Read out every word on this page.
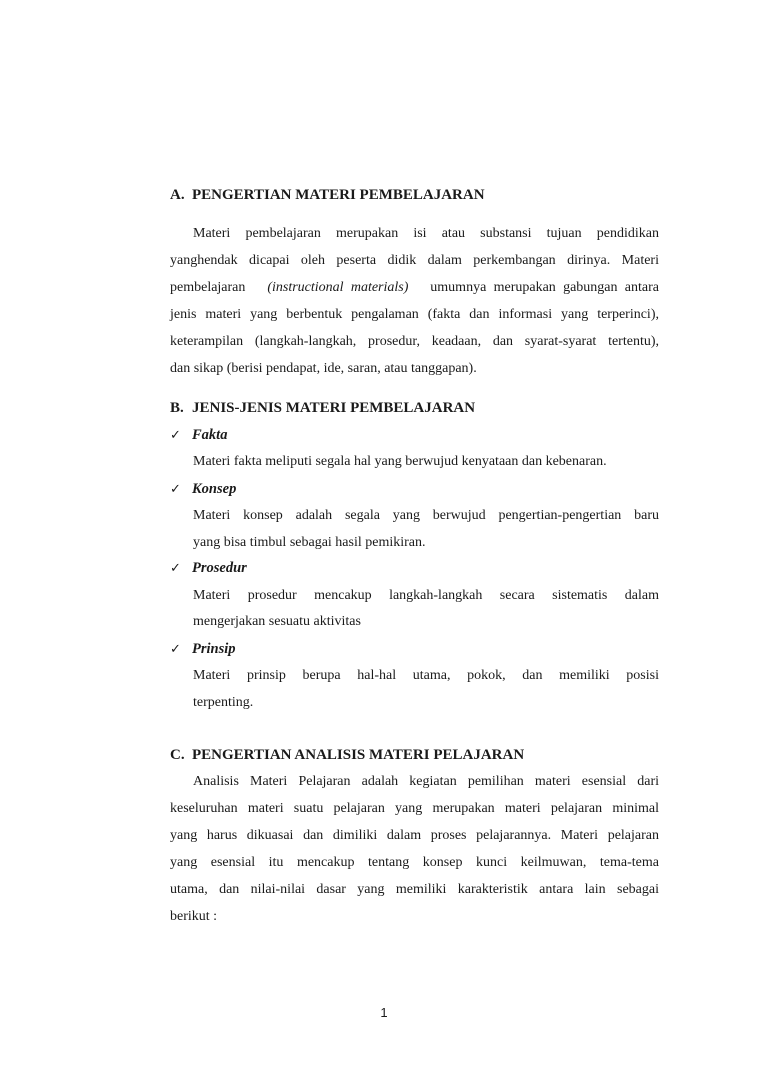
A. PENGERTIAN MATERI PEMBELAJARAN
Materi pembelajaran merupakan isi atau substansi tujuan pendidikan
yanghendak dicapai oleh peserta didik dalam perkembangan dirinya. Materi
pembelajaran (instructional materials) umumnya merupakan gabungan antara
jenis materi yang berbentuk pengalaman (fakta dan informasi yang terperinci),
keterampilan (langkah-langkah, prosedur, keadaan, dan syarat-syarat tertentu),
dan sikap (berisi pendapat, ide, saran, atau tanggapan).
B. JENIS-JENIS MATERI PEMBELAJARAN
✓ Fakta
Materi fakta meliputi segala hal yang berwujud kenyataan dan kebenaran.
✓ Konsep
Materi konsep adalah segala yang berwujud pengertian-pengertian baru
yang bisa timbul sebagai hasil pemikiran.
✓ Prosedur
Materi prosedur mencakup langkah-langkah secara sistematis dalam
mengerjakan sesuatu aktivitas
✓ Prinsip
Materi prinsip berupa hal-hal utama, pokok, dan memiliki posisi
terpenting.
C. PENGERTIAN ANALISIS MATERI PELAJARAN
Analisis Materi Pelajaran adalah kegiatan pemilihan materi esensial dari
keseluruhan materi suatu pelajaran yang merupakan materi pelajaran minimal
yang harus dikuasai dan dimiliki dalam proses pelajarannya. Materi pelajaran
yang esensial itu mencakup tentang konsep kunci keilmuwan, tema-tema
utama, dan nilai-nilai dasar yang memiliki karakteristik antara lain sebagai
berikut :
1
